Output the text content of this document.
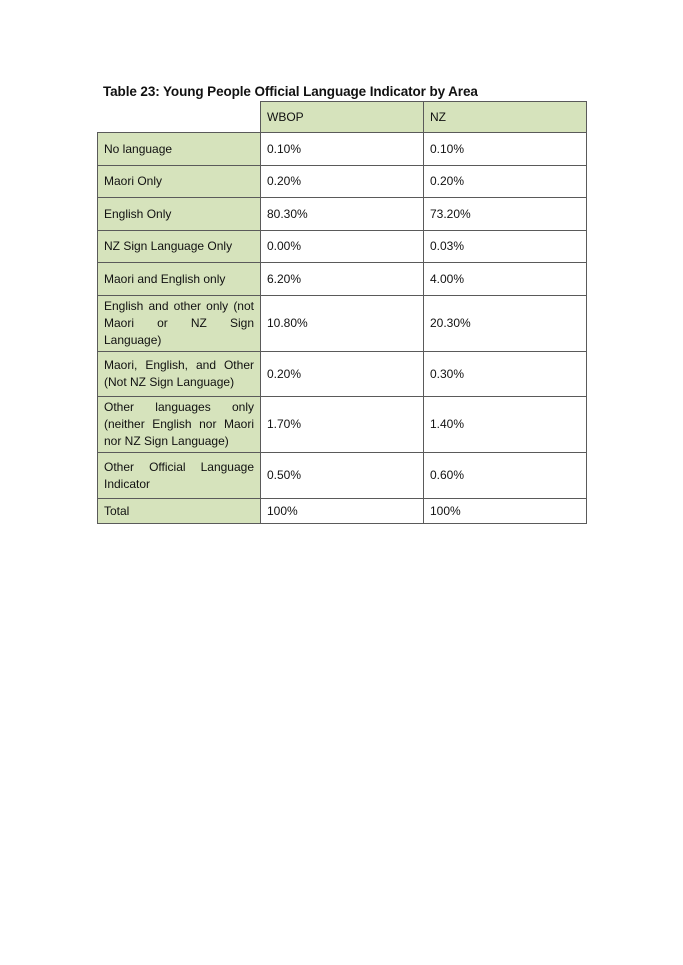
Table 23: Young People Official Language Indicator by Area
	WBOP	NZ

No language	0.10%	0.10%

Maori Only	0.20%	0.20%

English Only	80.30%	73.20%

NZ Sign Language Only	0.00%	0.03%

Maori and English only	6.20%	4.00%

English and other only (not Maori or NZ Sign Language)	10.80%	20.30%

Maori, English, and Other (Not NZ Sign Language)	0.20%	0.30%

Other languages only (neither English nor Maori nor NZ Sign Language)	1.70%	1.40%

Other Official Language Indicator	0.50%	0.60%

Total	100%	100%
